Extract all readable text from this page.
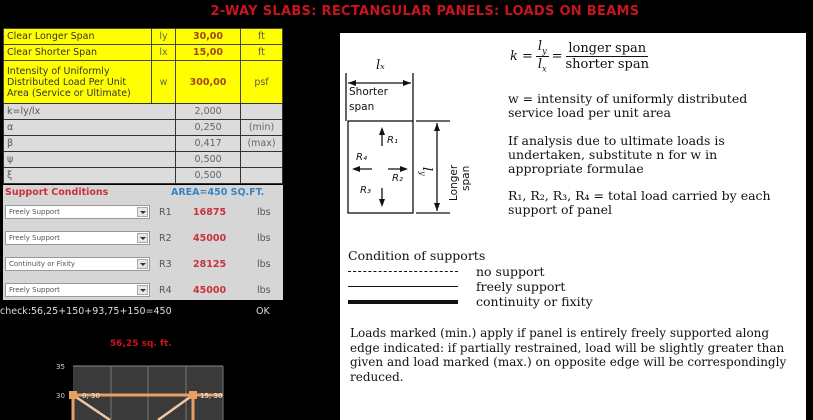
2-WAY SLABS: RECTANGULAR PANELS: LOADS ON BEAMS
Clear Longer Span	ly	30,00	ft
Clear Shorter Span	lx	15,00	ft
Intensity of Uniformly Distributed Load Per Unit Area (Service or Ultimate)	w	300,00	psf
k=ly/lx	2,000	
α	0,250	(min)
β	0,417	(max)
ψ	0,500	
ξ	0,500	
Support Conditions	AREA=450 SQ.FT.
Freely Support	R1 16875	lbs
Freely Support	R2 45000	lbs
Continuity or Fixity	R3 28125	lbs
Freely Support	R4 45000	lbs
check:56,25+150+93,75+150=450	OK
56,25 sq. ft.
35
30 0; 30	15; 30
lₓ
Shorter
span
R₁
R₂
R₃
R₄
$l_y$	Longer span
$k = \frac{l_y}{l_x} = \frac{\text{longer span}}{\text{shorter span}}$
w = intensity of uniformly distributed service load per unit area
If analysis due to ultimate loads is undertaken, substitute n for w in appropriate formulae
R₁, R₂, R₃, R₄ = total load carried by each support of panel
Condition of supports
no support
freely support
continuity or fixity
Loads marked (min.) apply if panel is entirely freely supported along edge indicated: if partially restrained, load will be slightly greater than given and load marked (max.) on opposite edge will be correspondingly reduced.
